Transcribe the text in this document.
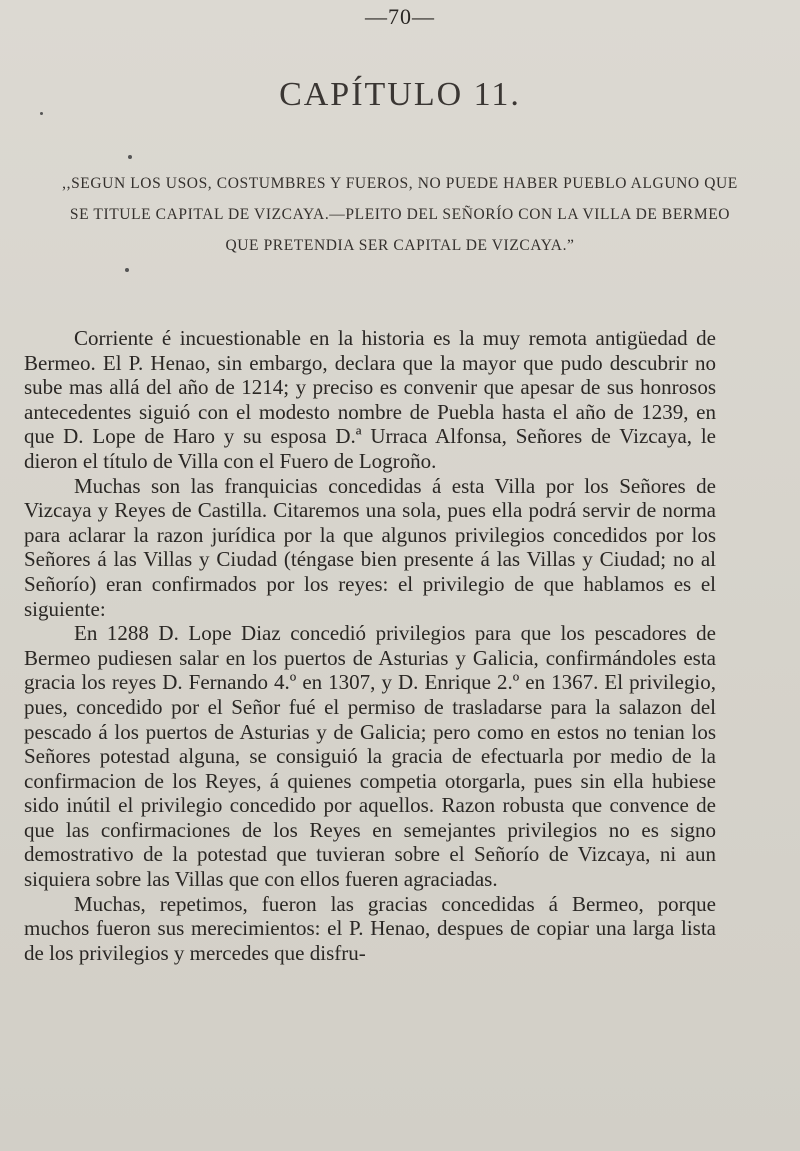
—70—
CAPÍTULO 11.
,,SEGUN LOS USOS, COSTUMBRES Y FUEROS, NO PUEDE HABER PUEBLO ALGUNO QUE SE TITULE CAPITAL DE VIZCAYA.—PLEITO DEL SEÑORÍO CON LA VILLA DE BERMEO QUE PRETENDIA SER CAPITAL DE VIZCAYA.”

Corriente é incuestionable en la historia es la muy remota antigüedad de Bermeo. El P. Henao, sin embargo, declara que la mayor que pudo descubrir no sube mas allá del año de 1214; y preciso es convenir que apesar de sus honrosos antecedentes siguió con el modesto nombre de Puebla hasta el año de 1239, en que D. Lope de Haro y su esposa D.ª Urraca Alfonsa, Señores de Vizcaya, le dieron el título de Villa con el Fuero de Logroño.

Muchas son las franquicias concedidas á esta Villa por los Señores de Vizcaya y Reyes de Castilla. Citaremos una sola, pues ella podrá servir de norma para aclarar la razon jurídica por la que algunos privilegios concedidos por los Señores á las Villas y Ciudad (téngase bien presente á las Villas y Ciudad; no al Señorío) eran confirmados por los reyes: el privilegio de que hablamos es el siguiente:

En 1288 D. Lope Diaz concedió privilegios para que los pescadores de Bermeo pudiesen salar en los puertos de Asturias y Galicia, confirmándoles esta gracia los reyes D. Fernando 4.º en 1307, y D. Enrique 2.º en 1367. El privilegio, pues, concedido por el Señor fué el permiso de trasladarse para la salazon del pescado á los puertos de Asturias y de Galicia; pero como en estos no tenian los Señores potestad alguna, se consiguió la gracia de efectuarla por medio de la confirmacion de los Reyes, á quienes competia otorgarla, pues sin ella hubiese sido inútil el privilegio concedido por aquellos. Razon robusta que convence de que las confirmaciones de los Reyes en semejantes privilegios no es signo demostrativo de la potestad que tuvieran sobre el Señorío de Vizcaya, ni aun siquiera sobre las Villas que con ellos fueren agraciadas.

Muchas, repetimos, fueron las gracias concedidas á Bermeo, porque muchos fueron sus merecimientos: el P. Henao, despues de copiar una larga lista de los privilegios y mercedes que disfru-
